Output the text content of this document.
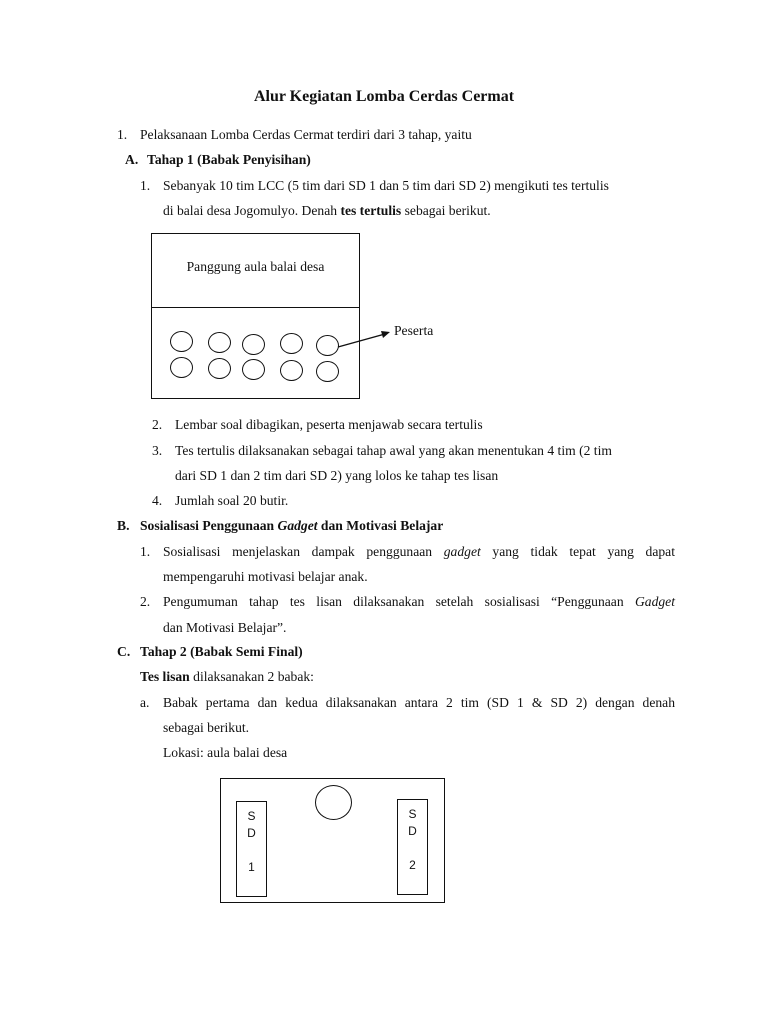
Alur Kegiatan Lomba Cerdas Cermat
1. Pelaksanaan Lomba Cerdas Cermat terdiri dari 3 tahap, yaitu
A. Tahap 1 (Babak Penyisihan)
1. Sebanyak 10 tim LCC (5 tim dari SD 1 dan 5 tim dari SD 2) mengikuti tes tertulis
di balai desa Jogomulyo. Denah tes tertulis sebagai berikut.
Panggung aula balai desa
Peserta
2. Lembar soal dibagikan, peserta menjawab secara tertulis
3. Tes tertulis dilaksanakan sebagai tahap awal yang akan menentukan 4 tim (2 tim
dari SD 1 dan 2 tim dari SD 2) yang lolos ke tahap tes lisan
4. Jumlah soal 20 butir.
B. Sosialisasi Penggunaan Gadget dan Motivasi Belajar
1. Sosialisasi menjelaskan dampak penggunaan gadget yang tidak tepat yang dapat
mempengaruhi motivasi belajar anak.
2. Pengumuman tahap tes lisan dilaksanakan setelah sosialisasi “Penggunaan Gadget
dan Motivasi Belajar”.
C. Tahap 2 (Babak Semi Final)
Tes lisan dilaksanakan 2 babak:
a. Babak pertama dan kedua dilaksanakan antara 2 tim (SD 1 & SD 2) dengan denah
sebagai berikut.
Lokasi: aula balai desa
S
D
1
S
D
2
